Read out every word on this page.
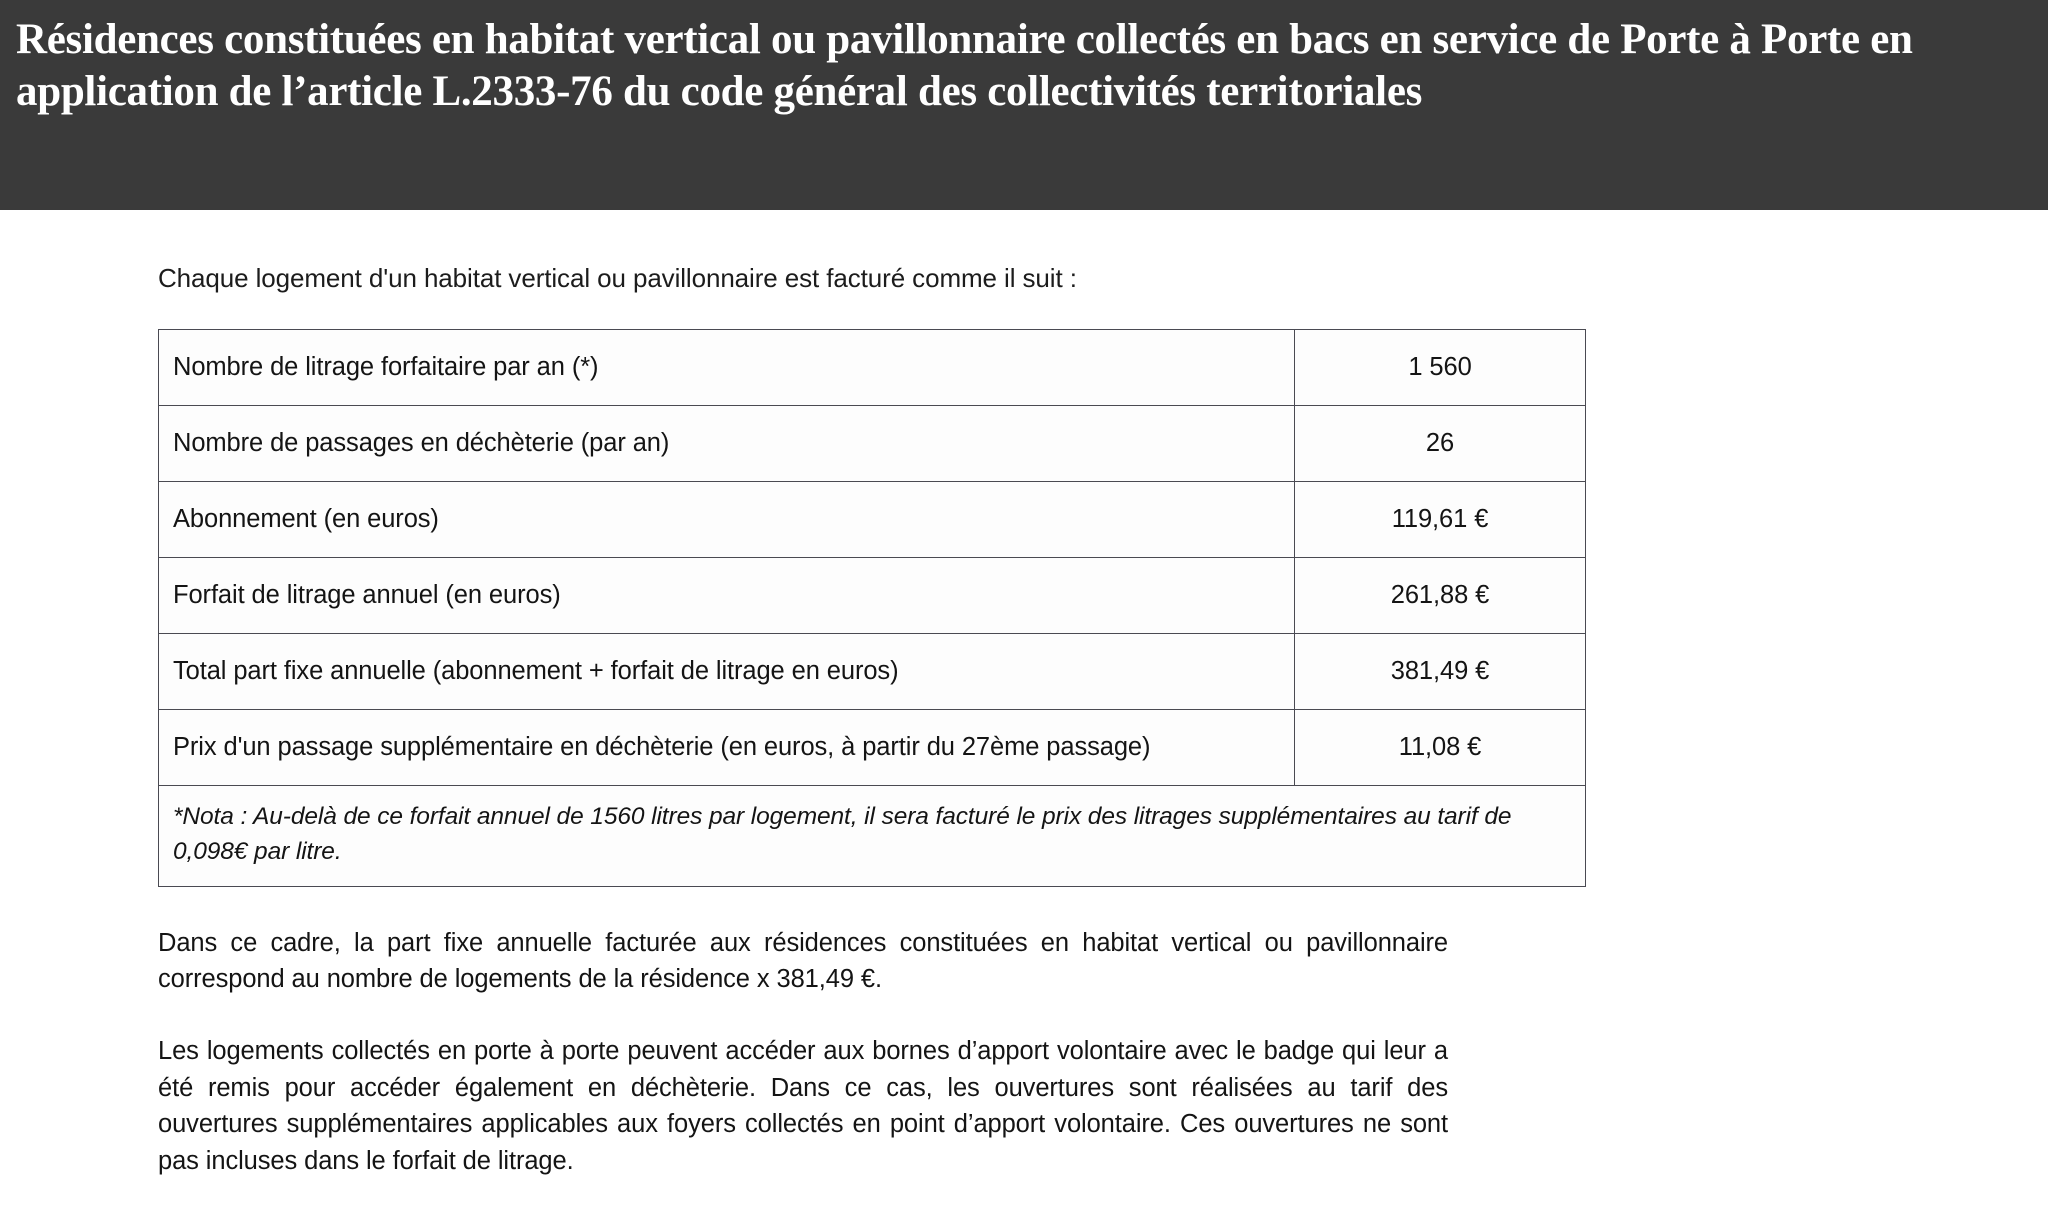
Résidences constituées en habitat vertical ou pavillonnaire collectés en bacs en service de Porte à Porte en application de l’article L.2333-76 du code général des collectivités territoriales

Chaque logement d'un habitat vertical ou pavillonnaire est facturé comme il suit :

Nombre de litrage forfaitaire par an (*)	1 560
Nombre de passages en déchèterie (par an)	26
Abonnement (en euros)	119,61 €
Forfait de litrage annuel (en euros)	261,88 €
Total part fixe annuelle (abonnement + forfait de litrage en euros)	381,49 €
Prix d'un passage supplémentaire en déchèterie (en euros, à partir du 27ème passage)	11,08 €
*Nota : Au-delà de ce forfait annuel de 1560 litres par logement, il sera facturé le prix des litrages supplémentaires au tarif de 0,098€ par litre.	

Dans ce cadre, la part fixe annuelle facturée aux résidences constituées en habitat vertical ou pavillonnaire correspond au nombre de logements de la résidence x 381,49 €.

Les logements collectés en porte à porte peuvent accéder aux bornes d’apport volontaire avec le badge qui leur a été remis pour accéder également en déchèterie. Dans ce cas, les ouvertures sont réalisées au tarif des ouvertures supplémentaires applicables aux foyers collectés en point d’apport volontaire. Ces ouvertures ne sont pas incluses dans le forfait de litrage.
